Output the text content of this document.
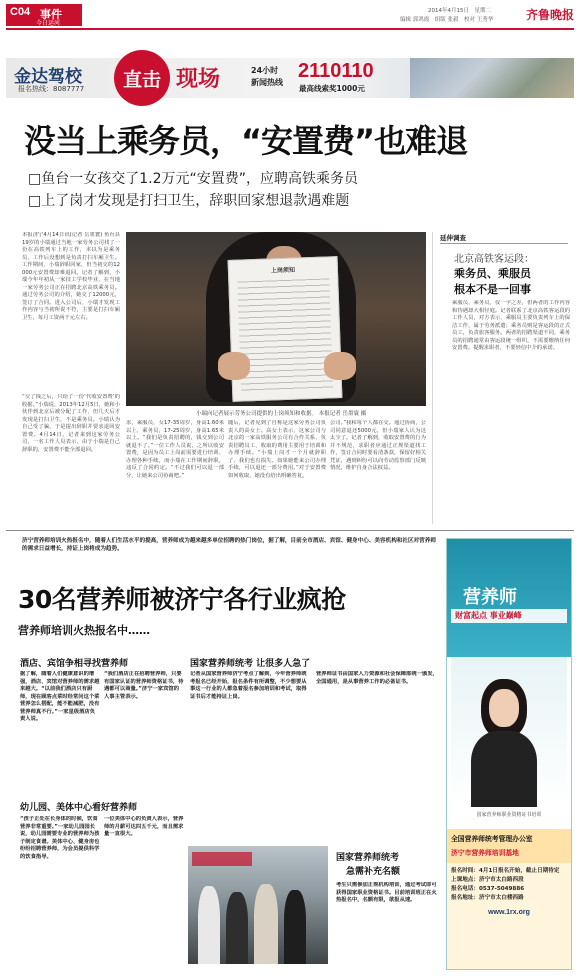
C04 事件
今日运河
2014年4月15日　星期二
编辑 郭鸿霞　组版 张毅　校对 王秀华	齐鲁晚报
金达驾校
报名热线：8087777 直击 现场	24小时
新闻热线
2110110
最高线索奖1000元
没当上乘务员，“安置费”也难退
□鱼台一女孩交了1.2万元“安置费”，应聘高铁乘务员
□上了岗才发现是打扫卫生，辞职回家想退款遇难题
本报济宁4月14日讯(记者 岳墨寰) 鱼台县19岁的小瑞通过当地一家劳务公司找了一份在高铁列车上的工作，本以为是乘务员，工作后没想到是负责打扫车厢卫生。工作期间，小瑞辞职回家，但当初交的12000元安置费却难退回。记者了解到，小瑞今年年初从一家技工学校毕业，在当地一家劳务公司正在招聘北京高铁乘务员。通过劳务公司的介绍，她交了12000元，签订了合同。进入公司后，小瑞才发现工作内容与当初所说不符，主要是打扫车厢卫生，每月工资两千元左右。
“交了钱之后，只给了一份‘代收安置费’的收据。”小瑞说，2013年12月5日，她和小伙伴到北京后被分配了工作，但几天后才发现是打扫卫生，不是乘务员。小瑞认为自己受了骗，于是提出辞职并要求退回安置费。4月14日，记者来到这家劳务公司，一名工作人员表示，由于小瑞是自己辞职的，安置费不能全部退回。
上岗须知
小瑞向记者展示劳务公司提供的上岗须知和收据。 本报记者 岳墨寰 摄
求，乘服员，女17-35周岁，身高1.60米以上，乘务员，17-25周岁，身高1.65米以上。“我们是负责招聘的，钱交到公司就退不了。”一位工作人员说，之所以收安置费，是因为员工上岗前需要进行培训、办理各种手续，而小瑞在工作期间辞职，违反了合同约定。“不过我们可以退一部分，让她来公司协商吧。”
随后，记者见到了自称是这家劳务公司负责人的高女士。高女士表示，这家公司与北京的一家高铁服务公司有合作关系，负责招聘员工，收取的费用主要用于培训和办理手续。“小瑞上岗才一个月就辞职了，我们也有损失。如果她能来公司办理手续，可以退还一部分费用。”对于安置费如何收取，她没有给出明确答复。
公司。”我和每个人都在交。通过协商，公司同意退还5000元，但小瑞家人认为这太少了。记者了解到，收取安置费的行为并不规范，求职者应通过正规渠道找工作，签订合同时要看清条款，保留好相关凭证，遇到纠纷可以向劳动监察部门反映情况，维护自身合法权益。
延伸调查
北京高铁客运段：
乘务员、乘服员
根本不是一回事
乘服员、乘务员，仅一字之差，但两者的工作内容和待遇却大相径庭。记者联系了北京高铁客运段的工作人员，对方表示，乘服员主要负责列车上的保洁工作，属于劳务派遣；乘务员则是客运段的正式员工，负责旅客服务。两者的招聘渠道不同，乘务员的招聘通常由客运段统一组织，不需要缴纳任何安置费。提醒求职者，不要轻信中介的承诺。
济宁营养师培训火热报名中，随着人们生活水平的提高，营养师成为越来越多单位招聘的热门岗位，据了解，目前全市酒店、宾馆、健身中心、美容机构和社区对营养师的需求日益增长，持证上岗将成为趋势。
30名营养师被济宁各行业疯抢
营养师培训火热报名中……
酒店、宾馆争相寻找营养师
据了解，随着人们健康意识的增强，酒店、宾馆对营养师的需求越来越大。“以前我们酒店只有厨师，现在顾客点菜时经常问这个菜营养怎么搭配，能不能减肥，没有营养师真不行。”一家星级酒店负责人说。
“我们酒店正在招聘营养师，只要有国家认证的营养师资格证书，待遇都可以商量。”济宁一家宾馆的人事主管表示。
幼儿园、美体中心看好营养师
“孩子正处在长身体的时候，饮食营养非常重要。”一家幼儿园园长说，幼儿园需要专业的营养师为孩子制定食谱。美体中心、健身房也纷纷招聘营养师，为会员提供科学的饮食指导。
一位美体中心的负责人表示，营养师的月薪可达四五千元，而且需求量一直很大。
国家营养师统考 让很多人急了
记者从国家营养师济宁考点了解到，今年营养师统考报名已经开始，报名条件有所调整，不少想要从事这一行业的人都急着报名参加培训和考试，取得证书后才能持证上岗。
营养师证书由国家人力资源和社会保障部统一颁发，全国通用，是从事营养工作的必备证书。
国家营养师统考
急需补充名额
考生只需参加正规机构培训，通过考试即可获得国家职业资格证书。目前培训班正在火热报名中，名额有限，欲报从速。
营养师
财富起点 事业巅峰
国家营养师职业资格证书培训
全国营养师统考管理办公室
济宁市营养师培训基地
报名时间：4月1日报名开始，截止日期待定
上课地点：济宁市太白路西段
报名电话：0537-5049886
报名地址：济宁市太白楼西路
www.1rx.org
